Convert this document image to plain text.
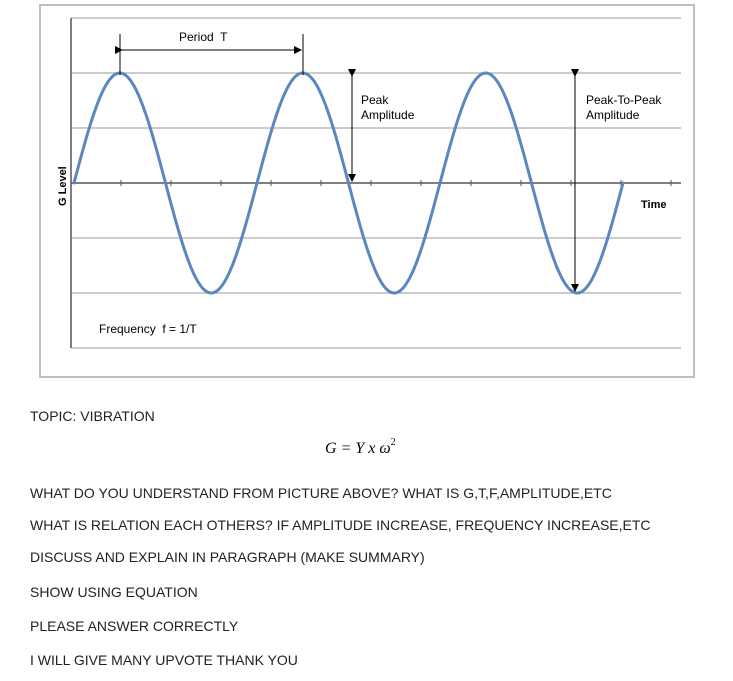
Period  T
Peak
Amplitude
Peak-To-Peak
Amplitude
Time
G Level
Frequency  f = 1/T

TOPIC: VIBRATION

G = Y x $\omega^2$

WHAT DO YOU UNDERSTAND FROM PICTURE ABOVE? WHAT IS G,T,F,AMPLITUDE,ETC

WHAT IS RELATION EACH OTHERS? IF AMPLITUDE INCREASE, FREQUENCY INCREASE,ETC

DISCUSS AND EXPLAIN IN PARAGRAPH (MAKE SUMMARY)

SHOW USING EQUATION

PLEASE ANSWER CORRECTLY

I WILL GIVE MANY UPVOTE THANK YOU
